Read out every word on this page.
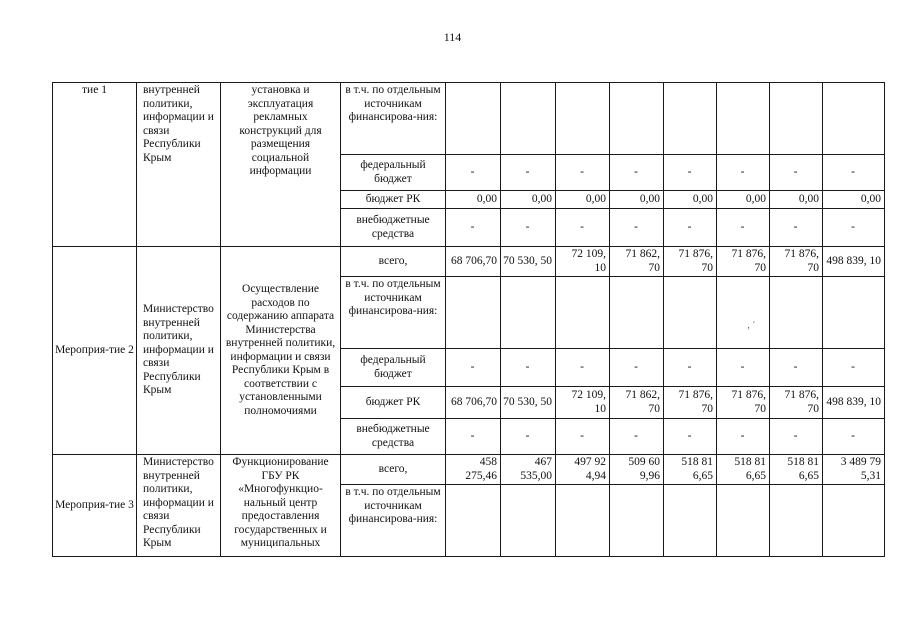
114
тие 1	внутренней политики, информации и связи Республики Крым	установка и эксплуатация рекламных конструкций для размещения социальной информации	в т.ч. по отдельным источникам финансирова-ния:								
			федеральный бюджет	-	-	-	-	-	-	-	-
			бюджет РК	0,00	0,00	0,00	0,00	0,00	0,00	0,00	0,00
			внебюджетные средства	-	-	-	-	-	-	-	-
Мероприя-тие 2	Министерство внутренней политики, информации и связи Республики Крым	Осуществление расходов по содержанию аппарата Министерства внутренней политики, информации и связи Республики Крым в соответствии с установленными полномочиями	всего,	68 706,70	70 530, 50	72 109, 10	71 862, 70	71 876, 70	71 876, 70	71 876, 70	498 839, 10
			в т.ч. по отдельным источникам финансирова-ния:								
			федеральный бюджет	-	-	-	-	-	-	-	-
			бюджет РК	68 706,70	70 530, 50	72 109, 10	71 862, 70	71 876, 70	71 876, 70	71 876, 70	498 839, 10
			внебюджетные средства	-	-	-	-	-	-	-	-
Мероприя-тие 3	Министерство внутренней политики, информации и связи Республики Крым	Функционирование ГБУ РК «Многофункцио-нальный центр предоставления государственных и муниципальных	всего,	458 275,46	467 535,00	497 92 4,94	509 60 9,96	518 81 6,65	518 81 6,65	518 81 6,65	3 489 79 5,31
			в т.ч. по отдельным источникам финансирова-ния:								
‚ ´
